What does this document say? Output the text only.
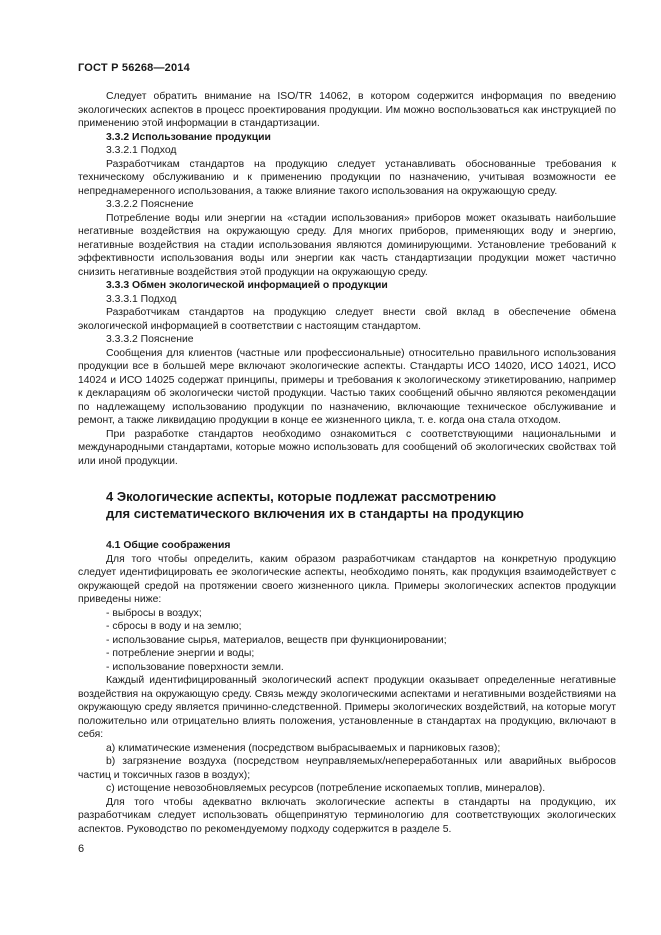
ГОСТ Р 56268—2014

Следует обратить внимание на ISO/TR 14062, в котором содержится информация по введению экологических аспектов в процесс проектирования продукции. Им можно воспользоваться как инструкцией по применению этой информации в стандартизации.

3.3.2 Использование продукции

3.3.2.1 Подход

Разработчикам стандартов на продукцию следует устанавливать обоснованные требования к техническому обслуживанию и к применению продукции по назначению, учитывая возможности ее непреднамеренного использования, а также влияние такого использования на окружающую среду.

3.3.2.2 Пояснение

Потребление воды или энергии на «стадии использования» приборов может оказывать наибольшие негативные воздействия на окружающую среду. Для многих приборов, применяющих воду и энергию, негативные воздействия на стадии использования являются доминирующими. Установление требований к эффективности использования воды или энергии как часть стандартизации продукции может частично снизить негативные воздействия этой продукции на окружающую среду.

3.3.3 Обмен экологической информацией о продукции

3.3.3.1 Подход

Разработчикам стандартов на продукцию следует внести свой вклад в обеспечение обмена экологической информацией в соответствии с настоящим стандартом.

3.3.3.2 Пояснение

Сообщения для клиентов (частные или профессиональные) относительно правильного использования продукции все в большей мере включают экологические аспекты. Стандарты ИСО 14020, ИСО 14021, ИСО 14024 и ИСО 14025 содержат принципы, примеры и требования к экологическому этикетированию, например к декларациям об экологически чистой продукции. Частью таких сообщений обычно являются рекомендации по надлежащему использованию продукции по назначению, включающие техническое обслуживание и ремонт, а также ликвидацию продукции в конце ее жизненного цикла, т. е. когда она стала отходом.

При разработке стандартов необходимо ознакомиться с соответствующими национальными и международными стандартами, которые можно использовать для сообщений об экологических свойствах той или иной продукции.

4 Экологические аспекты, которые подлежат рассмотрению
для систематического включения их в стандарты на продукцию

4.1 Общие соображения

Для того чтобы определить, каким образом разработчикам стандартов на конкретную продукцию следует идентифицировать ее экологические аспекты, необходимо понять, как продукция взаимодействует с окружающей средой на протяжении своего жизненного цикла. Примеры экологических аспектов продукции приведены ниже:

- выбросы в воздух;
- сбросы в воду и на землю;
- использование сырья, материалов, веществ при функционировании;
- потребление энергии и воды;
- использование поверхности земли.

Каждый идентифицированный экологический аспект продукции оказывает определенные негативные воздействия на окружающую среду. Связь между экологическими аспектами и негативными воздействиями на окружающую среду является причинно-следственной. Примеры экологических воздействий, на которые могут положительно или отрицательно влиять положения, установленные в стандартах на продукцию, включают в себя:

a) климатические изменения (посредством выбрасываемых и парниковых газов);
b) загрязнение воздуха (посредством неуправляемых/непереработанных или аварийных выбросов частиц и токсичных газов в воздух);
c) истощение невозобновляемых ресурсов (потребление ископаемых топлив, минералов).

Для того чтобы адекватно включать экологические аспекты в стандарты на продукцию, их разработчикам следует использовать общепринятую терминологию для соответствующих экологических аспектов. Руководство по рекомендуемому подходу содержится в разделе 5.

6
